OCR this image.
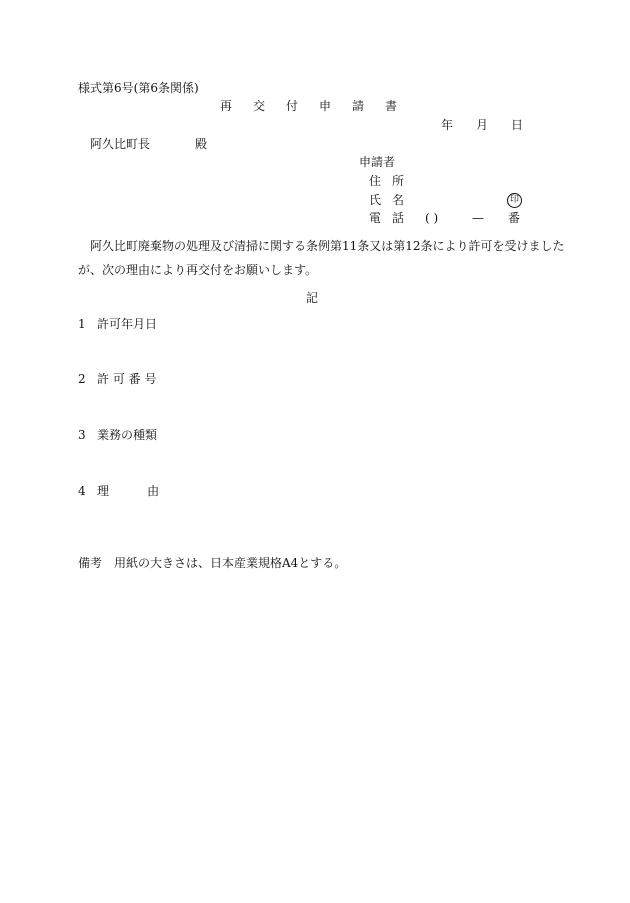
様式第6号(第6条関係)
再交付申請書
年月日
阿久比町長	殿
申請者
住所
氏名	印
電話 ( )	— 番
阿久比町廃棄物の処理及び清掃に関する条例第11条又は第12条により許可を受けました
が、次の理由により再交付をお願いします。
記
1 許可年月日
2 許 可 番 号
3 業務の種類
4 理          由
備考　用紙の大きさは、日本産業規格A4とする。
